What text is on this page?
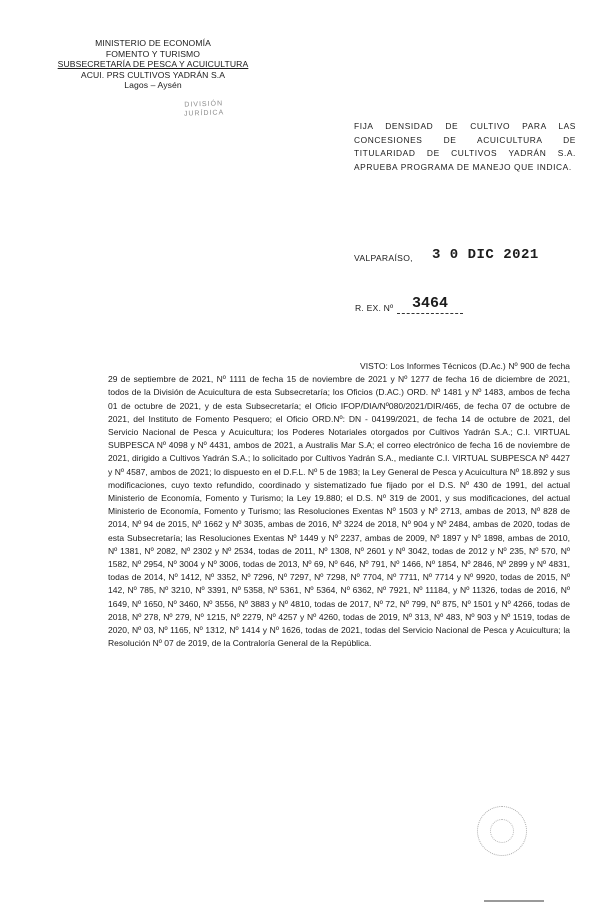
MINISTERIO DE ECONOMÍA
FOMENTO Y TURISMO
SUBSECRETARÍA DE PESCA Y ACUICULTURA
ACUI. PRS CULTIVOS YADRÁN S.A
Lagos – Aysén
DIVISIÓN
JURÍDICA
FIJA DENSIDAD DE CULTIVO PARA LAS CONCESIONES DE ACUICULTURA DE TITULARIDAD DE CULTIVOS YADRÁN S.A. APRUEBA PROGRAMA DE MANEJO QUE INDICA.
VALPARAÍSO, 3 0 DIC 2021
R. EX. Nº	3464
VISTO: Los Informes Técnicos (D.Ac.) Nº 900 de fecha 29 de septiembre de 2021, Nº 1111 de fecha 15 de noviembre de 2021 y Nº 1277 de fecha 16 de diciembre de 2021, todos de la División de Acuicultura de esta Subsecretaría; los Oficios (D.AC.) ORD. Nº 1481 y Nº 1483, ambos de fecha 01 de octubre de 2021, y de esta Subsecretaría; el Oficio IFOP/DIA/Nº080/2021/DIR/465, de fecha 07 de octubre de 2021, del Instituto de Fomento Pesquero; el Oficio ORD.Nº: DN - 04199/2021, de fecha 14 de octubre de 2021, del Servicio Nacional de Pesca y Acuicultura; los Poderes Notariales otorgados por Cultivos Yadrán S.A.; C.I. VIRTUAL SUBPESCA Nº 4098 y Nº 4431, ambos de 2021, a Australis Mar S.A; el correo electrónico de fecha 16 de noviembre de 2021, dirigido a Cultivos Yadrán S.A.; lo solicitado por Cultivos Yadrán S.A., mediante C.I. VIRTUAL SUBPESCA Nº 4427 y Nº 4587, ambos de 2021; lo dispuesto en el D.F.L. Nº 5 de 1983; la Ley General de Pesca y Acuicultura Nº 18.892 y sus modificaciones, cuyo texto refundido, coordinado y sistematizado fue fijado por el D.S. Nº 430 de 1991, del actual Ministerio de Economía, Fomento y Turismo; la Ley 19.880; el D.S. Nº 319 de 2001, y sus modificaciones, del actual Ministerio de Economía, Fomento y Turismo; las Resoluciones Exentas Nº 1503 y Nº 2713, ambas de 2013, Nº 828 de 2014, Nº 94 de 2015, Nº 1662 y Nº 3035, ambas de 2016, Nº 3224 de 2018, Nº 904 y Nº 2484, ambas de 2020, todas de esta Subsecretaría; las Resoluciones Exentas Nº 1449 y Nº 2237, ambas de 2009, Nº 1897 y Nº 1898, ambas de 2010, Nº 1381, Nº 2082, Nº 2302 y Nº 2534, todas de 2011, Nº 1308, Nº 2601 y Nº 3042, todas de 2012 y Nº 235, Nº 570, Nº 1582, Nº 2954, Nº 3004 y Nº 3006, todas de 2013, Nº 69, Nº 646, Nº 791, Nº 1466, Nº 1854, Nº 2846, Nº 2899 y Nº 4831, todas de 2014, Nº 1412, Nº 3352, Nº 7296, Nº 7297, Nº 7298, Nº 7704, Nº 7711, Nº 7714 y Nº 9920, todas de 2015, Nº 142, Nº 785, Nº 3210, Nº 3391, Nº 5358, Nº 5361, Nº 5364, Nº 6362, Nº 7921, Nº 11184, y Nº 11326, todas de 2016, Nº 1649, Nº 1650, Nº 3460, Nº 3556, Nº 3883 y Nº 4810, todas de 2017, Nº 72, Nº 799, Nº 875, Nº 1501 y Nº 4266, todas de 2018, Nº 278, Nº 279, Nº 1215, Nº 2279, Nº 4257 y Nº 4260, todas de 2019, Nº 313, Nº 483, Nº 903 y Nº 1519, todas de 2020, Nº 03, Nº 1165, Nº 1312, Nº 1414 y Nº 1626, todas de 2021, todas del Servicio Nacional de Pesca y Acuicultura; la Resolución Nº 07 de 2019, de la Contraloría General de la República.
